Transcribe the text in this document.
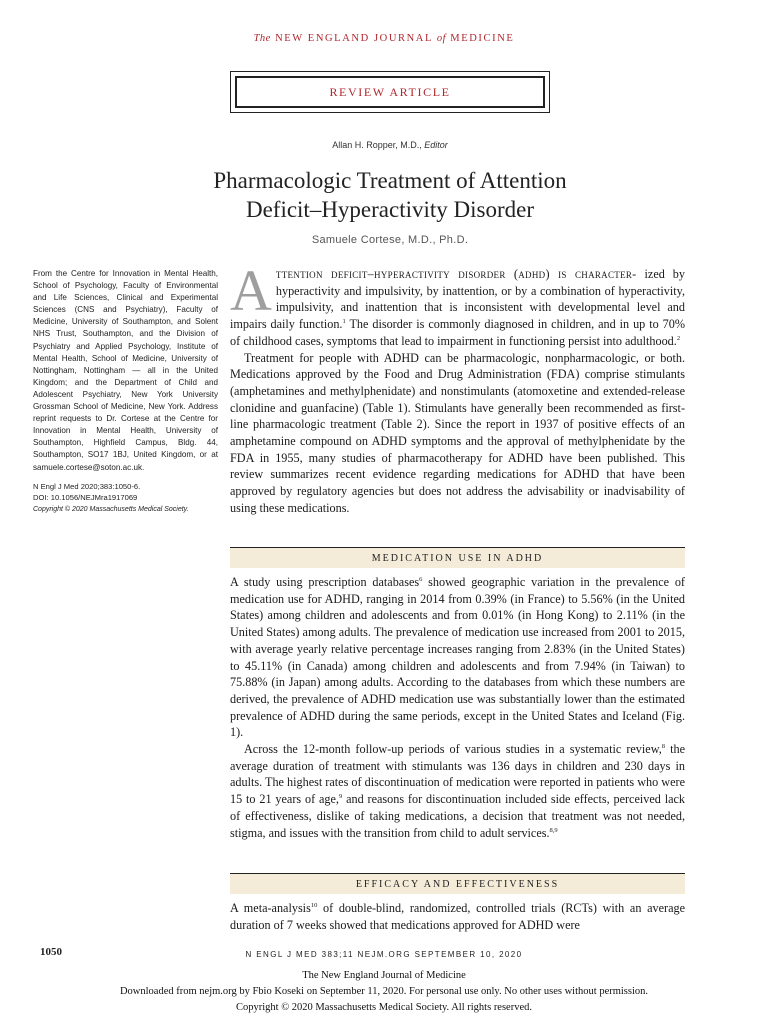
The NEW ENGLAND JOURNAL of MEDICINE
REVIEW ARTICLE
Allan H. Ropper, M.D., Editor
Pharmacologic Treatment of Attention
Deficit–Hyperactivity Disorder
Samuele Cortese, M.D., Ph.D.
From the Centre for Innovation in Mental Health, School of Psychology, Faculty of Environmental and Life Sciences, Clinical and Experimental Sciences (CNS and Psychiatry), Faculty of Medicine, University of Southampton, and Solent NHS Trust, Southampton, and the Division of Psychiatry and Applied Psychology, Institute of Mental Health, School of Medicine, University of Nottingham, Nottingham — all in the United Kingdom; and the Department of Child and Adolescent Psychiatry, New York University Grossman School of Medicine, New York. Address reprint requests to Dr. Cortese at the Centre for Innovation in Mental Health, University of Southampton, Highfield Campus, Bldg. 44, Southampton, SO17 1BJ, United Kingdom, or at samuele.cortese@soton.ac.uk.
N Engl J Med 2020;383:1050-6.
DOI: 10.1056/NEJMra1917069
Copyright © 2020 Massachusetts Medical Society.

Attention deficit–hyperactivity disorder (adhd) is character- ized by hyperactivity and impulsivity, by inattention, or by a combination of hyperactivity, impulsivity, and inattention that is inconsistent with developmental level and impairs daily function.$^1$ The disorder is commonly diagnosed in children, and in up to 70% of childhood cases, symptoms that lead to impairment in functioning persist into adulthood.$^2$

Treatment for people with ADHD can be pharmacologic, nonpharmacologic, or both. Medications approved by the Food and Drug Administration (FDA) comprise stimulants (amphetamines and methylphenidate) and nonstimulants (atomoxetine and extended-release clonidine and guanfacine) (Table 1). Stimulants have generally been recommended as first-line pharmacologic treatment (Table 2). Since the report in 1937 of positive effects of an amphetamine compound on ADHD symptoms and the approval of methylphenidate by the FDA in 1955, many studies of pharmacotherapy for ADHD have been published. This review summarizes recent evidence regarding medications for ADHD that have been approved by regulatory agencies but does not address the advisability or inadvisability of using these medications.

MEDICATION USE IN ADHD

A study using prescription databases$^6$ showed geographic variation in the prevalence of medication use for ADHD, ranging in 2014 from 0.39% (in France) to 5.56% (in the United States) among children and adolescents and from 0.01% (in Hong Kong) to 2.11% (in the United States) among adults. The prevalence of medication use increased from 2001 to 2015, with average yearly relative percentage increases ranging from 2.83% (in the United States) to 45.11% (in Canada) among children and adolescents and from 7.94% (in Taiwan) to 75.88% (in Japan) among adults. According to the databases from which these numbers are derived, the prevalence of ADHD medication use was substantially lower than the estimated prevalence of ADHD during the same periods, except in the United States and Iceland (Fig. 1).

Across the 12-month follow-up periods of various studies in a systematic review,$^8$ the average duration of treatment with stimulants was 136 days in children and 230 days in adults. The highest rates of discontinuation of medication were reported in patients who were 15 to 21 years of age,$^9$ and reasons for discontinuation included side effects, perceived lack of effectiveness, dislike of taking medications, a decision that treatment was not needed, stigma, and issues with the transition from child to adult services.$^{8,9}$

EFFICACY AND EFFECTIVENESS

A meta-analysis$^{10}$ of double-blind, randomized, controlled trials (RCTs) with an average duration of 7 weeks showed that medications approved for ADHD were

1050	N ENGL J MED 383;11 NEJM.ORG SEPTEMBER 10, 2020
The New England Journal of Medicine
Downloaded from nejm.org by Fbio Koseki on September 11, 2020. For personal use only. No other uses without permission.
Copyright © 2020 Massachusetts Medical Society. All rights reserved.
